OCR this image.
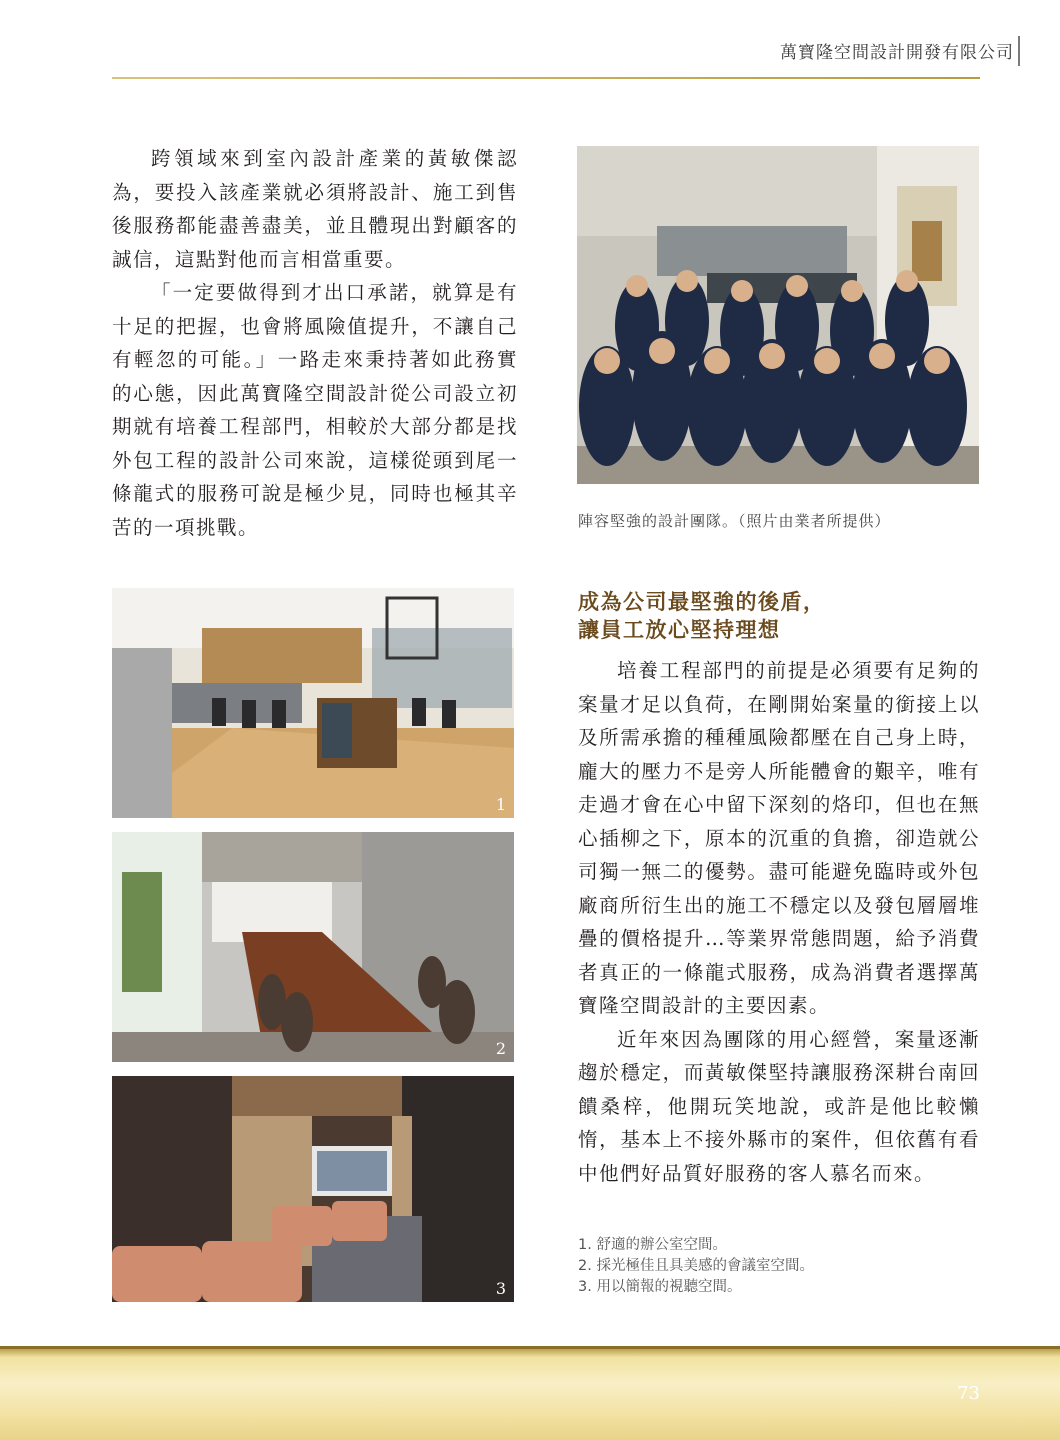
萬寶隆空間設計開發有限公司

跨領域來到室內設計產業的黃敏傑認為，要投入該產業就必須將設計、施工到售後服務都能盡善盡美，並且體現出對顧客的誠信，這點對他而言相當重要。

「一定要做得到才出口承諾，就算是有十足的把握，也會將風險值提升，不讓自己有輕忽的可能。」一路走來秉持著如此務實的心態，因此萬寶隆空間設計從公司設立初期就有培養工程部門，相較於大部分都是找外包工程的設計公司來說，這樣從頭到尾一條龍式的服務可說是極少見，同時也極其辛苦的一項挑戰。	陣容堅強的設計團隊。（照片由業者所提供）
1
2
3
成為公司最堅強的後盾，
讓員工放心堅持理想

培養工程部門的前提是必須要有足夠的案量才足以負荷，在剛開始案量的銜接上以及所需承擔的種種風險都壓在自己身上時，龐大的壓力不是旁人所能體會的艱辛，唯有走過才會在心中留下深刻的烙印，但也在無心插柳之下，原本的沉重的負擔，卻造就公司獨一無二的優勢。盡可能避免臨時或外包廠商所衍生出的施工不穩定以及發包層層堆疊的價格提升…等業界常態問題，給予消費者真正的一條龍式服務，成為消費者選擇萬寶隆空間設計的主要因素。

近年來因為團隊的用心經營，案量逐漸趨於穩定，而黃敏傑堅持讓服務深耕台南回饋桑梓，他開玩笑地說，或許是他比較懶惰，基本上不接外縣市的案件，但依舊有看中他們好品質好服務的客人慕名而來。

1. 舒適的辦公室空間。
2. 採光極佳且具美感的會議室空間。
3. 用以簡報的視聽空間。
73
